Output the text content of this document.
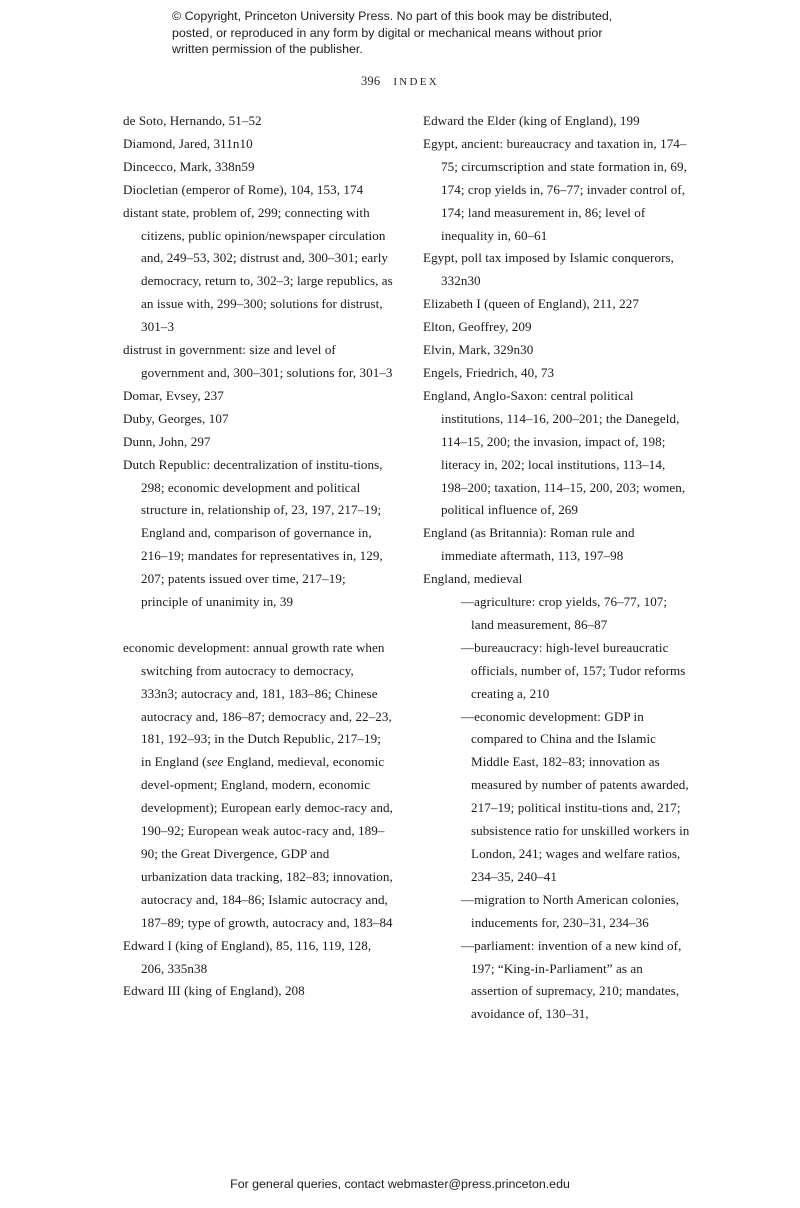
© Copyright, Princeton University Press. No part of this book may be distributed, posted, or reproduced in any form by digital or mechanical means without prior written permission of the publisher.
396 INDEX

de Soto, Hernando, 51–52

Diamond, Jared, 311n10

Dincecco, Mark, 338n59

Diocletian (emperor of Rome), 104, 153, 174

distant state, problem of, 299; connecting with citizens, public opinion/newspaper circulation and, 249–53, 302; distrust and, 300–301; early democracy, return to, 302–3; large republics, as an issue with, 299–300; solutions for distrust, 301–3

distrust in government: size and level of government and, 300–301; solutions for, 301–3

Domar, Evsey, 237

Duby, Georges, 107

Dunn, John, 297

Dutch Republic: decentralization of institu-tions, 298; economic development and political structure in, relationship of, 23, 197, 217–19; England and, comparison of governance in, 216–19; mandates for representatives in, 129, 207; patents issued over time, 217–19; principle of unanimity in, 39

economic development: annual growth rate when switching from autocracy to democracy, 333n3; autocracy and, 181, 183–86; Chinese autocracy and, 186–87; democracy and, 22–23, 181, 192–93; in the Dutch Republic, 217–19; in England (see England, medieval, economic devel-opment; England, modern, economic development); European early democ-racy and, 190–92; European weak autoc-racy and, 189–90; the Great Divergence, GDP and urbanization data tracking, 182–83; innovation, autocracy and, 184–86; Islamic autocracy and, 187–89; type of growth, autocracy and, 183–84

Edward I (king of England), 85, 116, 119, 128, 206, 335n38

Edward III (king of England), 208

Edward the Elder (king of England), 199

Egypt, ancient: bureaucracy and taxation in, 174–75; circumscription and state formation in, 69, 174; crop yields in, 76–77; invader control of, 174; land measurement in, 86; level of inequality in, 60–61

Egypt, poll tax imposed by Islamic conquerors, 332n30

Elizabeth I (queen of England), 211, 227

Elton, Geoffrey, 209

Elvin, Mark, 329n30

Engels, Friedrich, 40, 73

England, Anglo-Saxon: central political institutions, 114–16, 200–201; the Danegeld, 114–15, 200; the invasion, impact of, 198; literacy in, 202; local institutions, 113–14, 198–200; taxation, 114–15, 200, 203; women, political influence of, 269

England (as Britannia): Roman rule and immediate aftermath, 113, 197–98

England, medieval

—agriculture: crop yields, 76–77, 107; land measurement, 86–87

—bureaucracy: high-level bureaucratic officials, number of, 157; Tudor reforms creating a, 210

—economic development: GDP in compared to China and the Islamic Middle East, 182–83; innovation as measured by number of patents awarded, 217–19; political institu-tions and, 217; subsistence ratio for unskilled workers in London, 241; wages and welfare ratios, 234–35, 240–41

—migration to North American colonies, inducements for, 230–31, 234–36

—parliament: invention of a new kind of, 197; “King-in-Parliament” as an assertion of supremacy, 210; mandates, avoidance of, 130–31,

For general queries, contact webmaster@press.princeton.edu
